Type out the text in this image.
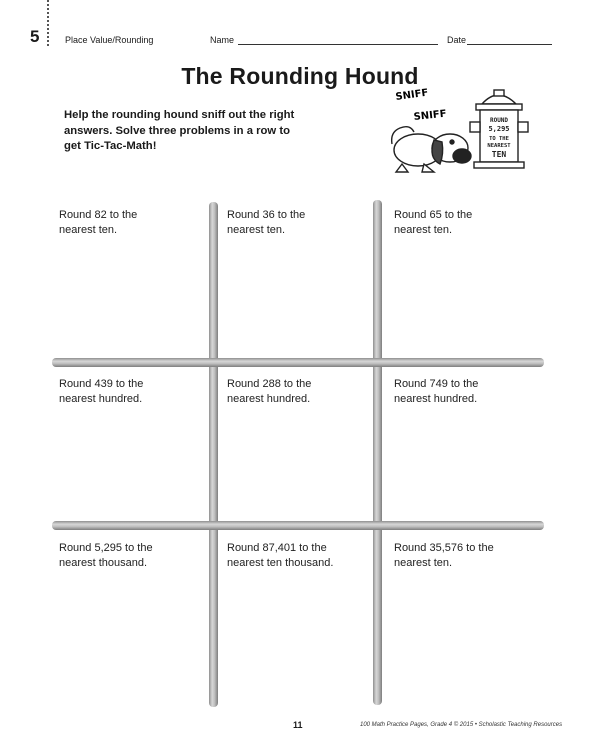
5	Place Value/Rounding	Name	Date
The Rounding Hound
Help the rounding hound sniff out the right answers. Solve three problems in a row to get Tic-Tac-Math!
SNIFF
SNIFF	ROUND
5,295
TO THE
NEAREST
TEN
Round 82 to the
nearest ten.
Round 36 to the
nearest ten.
Round 65 to the
nearest ten.
Round 439 to the
nearest hundred.
Round 288 to the
nearest hundred.
Round 749 to the
nearest hundred.
Round 5,295 to the
nearest thousand.
Round 87,401 to the
nearest ten thousand.
Round 35,576 to the
nearest ten.
11	100 Math Practice Pages, Grade 4 © 2015 • Scholastic Teaching Resources
